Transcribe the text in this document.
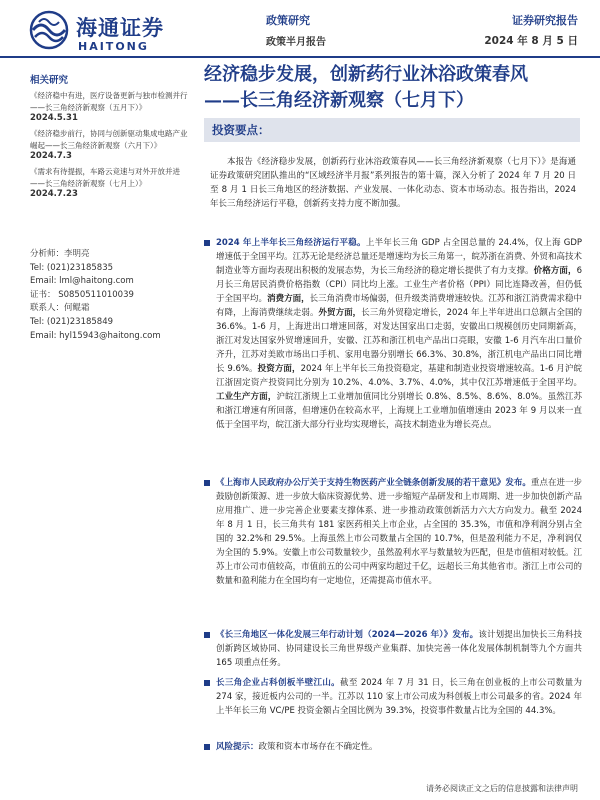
海通证券
HAITONG
政策研究
政策半月报告
证券研究报告
2024 年 8 月 5 日
相关研究
《经济稳中有进，医疗设备更新与独市检测并行——长三角经济新观察（五月下）》
2024.5.31
《经济稳步前行，协同与创新驱动集成电路产业崛起——长三角经济新观察（六月下）》
2024.7.3
《需求有待提振，车路云竞速与对外开放并进——长三角经济新观察（七月上）》
2024.7.23
分析师：李明亮
Tel: (021)23185835
Email: lml@haitong.com
证书： S0850511010039
联系人：何鲲霜
Tel: (021)23185849
Email: hyl15943@haitong.com
经济稳步发展，创新药行业沐浴政策春风
——长三角经济新观察（七月下）
投资要点：
本报告《经济稳步发展，创新药行业沐浴政策春风——长三角经济新观察（七月下）》是海通证券政策研究团队推出的“区域经济半月报”系列报告的第十篇，深入分析了 2024 年 7 月 20 日至 8 月 1 日长三角地区的经济数据、产业发展、一体化动态、资本市场动态。报告指出，2024 年长三角经济运行平稳，创新药支持力度不断加强。
2024 年上半年长三角经济运行平稳。上半年长三角 GDP 占全国总量的 24.4%，仅上海 GDP 增速低于全国平均。江苏无论是经济总量还是增速均为长三角第一，皖苏浙在消费、外贸和高技术制造业等方面均表现出积极的发展态势，为长三角经济的稳定增长提供了有力支撑。价格方面，6 月长三角居民消费价格指数（CPI）同比均上涨。工业生产者价格（PPI）同比连降改善，但仍低于全国平均。消费方面，长三角消费市场偏弱，但升级类消费增速较快。江苏和浙江消费需求稳中有降，上海消费继续走弱。外贸方面，长三角外贸稳定增长，2024 年上半年进出口总额占全国的 36.6%。1-6 月，上海进出口增速回落，对发达国家出口走弱，安徽出口规模创历史同期新高，浙江对发达国家外贸增速回升，安徽、江苏和浙江机电产品出口亮眼，安徽 1-6 月汽车出口量价齐升，江苏对美欧市场出口手机、家用电器分别增长 66.3%、30.8%，浙江机电产品出口同比增长 9.6%。投资方面，2024 年上半年长三角投资稳定，基建和制造业投资增速较高。1-6 月沪皖江浙固定资产投资同比分别为 10.2%、4.0%、3.7%、4.0%，其中仅江苏增速低于全国平均。工业生产方面，沪皖江浙规上工业增加值同比分别增长 0.8%、8.5%、8.6%、8.0%。虽然江苏和浙江增速有所回落，但增速仍在较高水平，上海规上工业增加值增速由 2023 年 9 月以来一直低于全国平均，皖江浙大部分行业均实现增长，高技术制造业为增长亮点。
《上海市人民政府办公厅关于支持生物医药产业全链条创新发展的若干意见》发布。重点在进一步鼓励创新策源、进一步放大临床资源优势、进一步缩短产品研发和上市周期、进一步加快创新产品应用推广、进一步完善企业要素支撑体系、进一步推动政策创新活力六大方向发力。截至 2024 年 8 月 1 日，长三角共有 181 家医药相关上市企业，占全国的 35.3%，市值和净利润分别占全国的 32.2%和 29.5%。上海虽然上市公司数量占全国的 10.7%，但是盈利能力不足，净利润仅为全国的 5.9%。安徽上市公司数量较少，虽然盈利水平与数量较为匹配，但是市值相对较低。江苏上市公司市值较高，市值前五的公司中两家均超过千亿，远超长三角其他省市。浙江上市公司的数量和盈利能力在全国均有一定地位，还需提高市值水平。
《长三角地区一体化发展三年行动计划（2024—2026 年）》发布。该计划提出加快长三角科技创新跨区域协同、协同建设长三角世界级产业集群、加快完善一体化发展体制机制等九个方面共 165 项重点任务。
长三角企业占科创板半壁江山。截至 2024 年 7 月 31 日，长三角在创业板的上市公司数量为 274 家，接近板内公司的一半。江苏以 110 家上市公司成为科创板上市公司最多的省。2024 年上半年长三角 VC/PE 投资金额占全国比例为 39.3%，投资事件数量占比为全国的 44.3%。
风险提示：政策和资本市场存在不确定性。
请务必阅读正文之后的信息披露和法律声明
